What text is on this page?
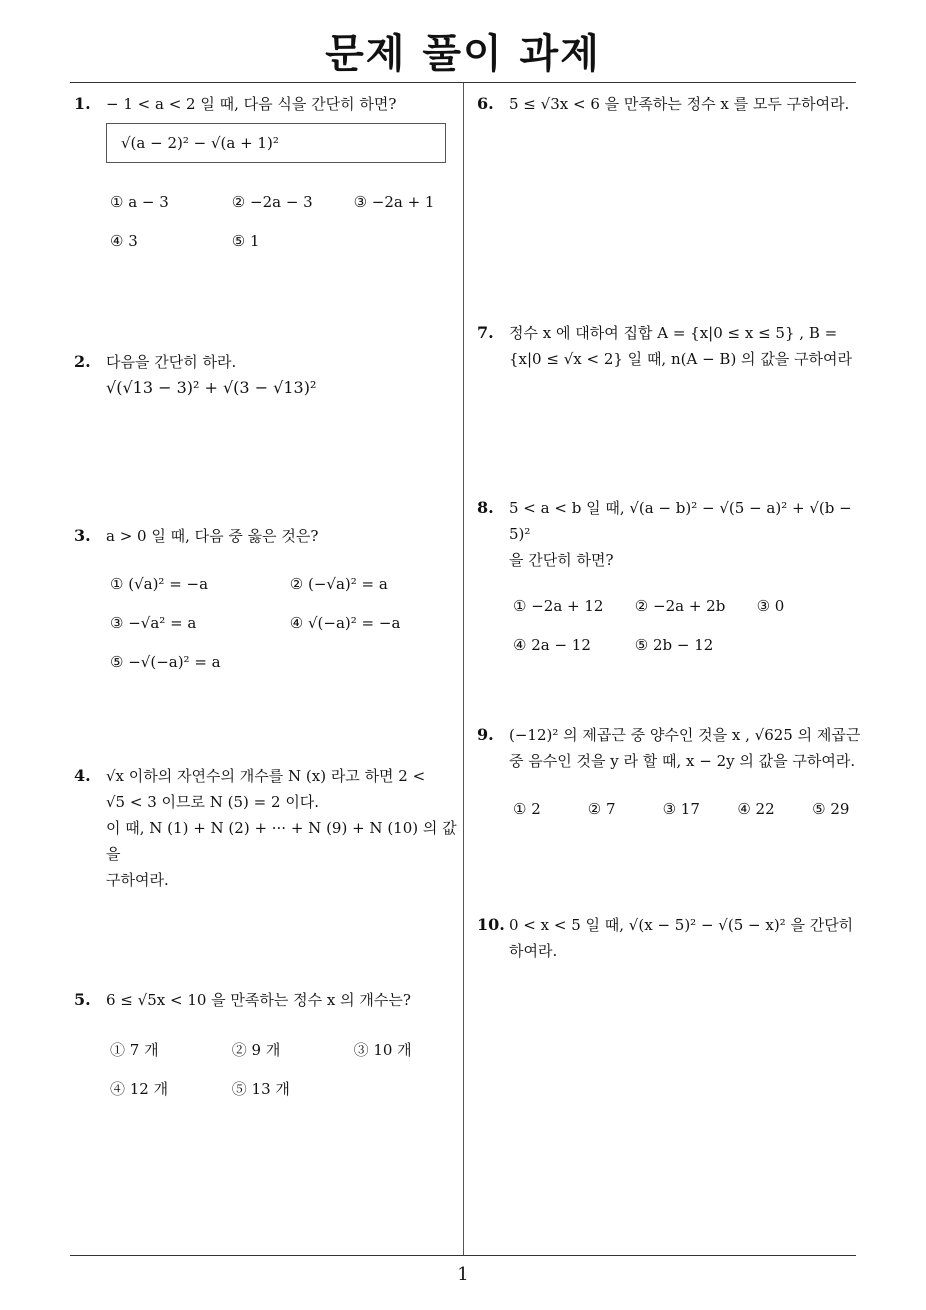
문제 풀이 과제
1. − 1 < a < 2 일 때, 다음 식을 간단히 하면?
√(a − 2)² − √(a + 1)²
① a − 3	② −2a − 3	③ −2a + 1
④ 3	⑤ 1
2. 다음을 간단히 하라.
√(√13 − 3)² + √(3 − √13)²
3. a > 0 일 때, 다음 중 옳은 것은?
① (√a)² = −a	② (−√a)² = a
③ −√a² = a	④ √(−a)² = −a
⑤ −√(−a)² = a
4. √x 이하의 자연수의 개수를 N (x) 라고 하면 2 <
√5 < 3 이므로 N (5) = 2 이다.
이 때, N (1) + N (2) + ··· + N (9) + N (10) 의 값을
구하여라.
5. 6 ≤ √5x < 10 을 만족하는 정수 x 의 개수는?
① 7 개	② 9 개	③ 10 개
④ 12 개	⑤ 13 개
6. 5 ≤ √3x < 6 을 만족하는 정수 x 를 모두 구하여라.
7. 정수 x 에 대하여 집합 A = {x|0 ≤ x ≤ 5} , B =
{x|0 ≤ √x < 2} 일 때, n(A − B) 의 값을 구하여라
8. 5 < a < b 일 때, √(a − b)² − √(5 − a)² + √(b − 5)²
을 간단히 하면?
① −2a + 12 ② −2a + 2b ③ 0
④ 2a − 12	⑤ 2b − 12
9. (−12)² 의 제곱근 중 양수인 것을 x , √625 의 제곱근
중 음수인 것을 y 라 할 때, x − 2y 의 값을 구하여라.
① 2	② 7	③ 17 ④ 22 ⑤ 29
10. 0 < x < 5 일 때, √(x − 5)² − √(5 − x)² 을 간단히
하여라.
1
